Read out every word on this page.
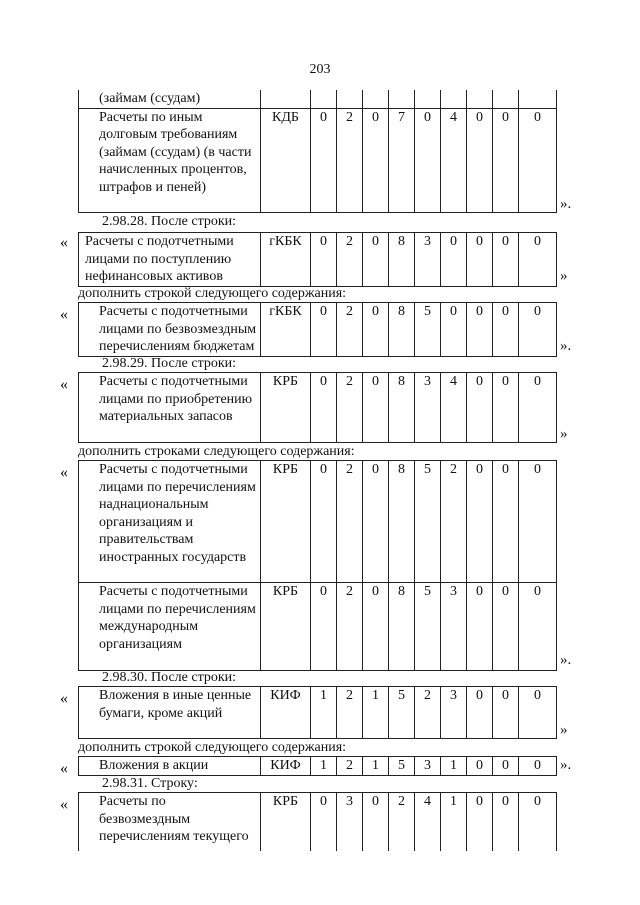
203
(займам (ссудам)										
Расчеты по иным долговым требованиям (займам (ссудам) (в части начисленных процентов, штрафов и пеней)	КДБ	0	2	0	7	0	4	0	0	0
».
2.98.28. После строки:
« Расчеты с подотчетными лицами по поступлению нефинансовых активов	гКБК	0	2	0	8	3	0	0	0	0
»
дополнить строкой следующего содержания:
« Расчеты с подотчетными лицами по безвозмездным перечислениям бюджетам	гКБК	0	2	0	8	5	0	0	0	0
».
2.98.29. После строки:
« Расчеты с подотчетными лицами по приобретению материальных запасов	КРБ	0	2	0	8	3	4	0	0	0
»
дополнить строками следующего содержания:
« Расчеты с подотчетными лицами по перечислениям наднациональным организациям и правительствам иностранных государств	КРБ	0	2	0	8	5	2	0	0	0
Расчеты с подотчетными лицами по перечислениям международным организациям	КРБ	0	2	0	8	5	3	0	0	0
».
2.98.30. После строки:
« Вложения в иные ценные бумаги, кроме акций	КИФ	1	2	1	5	2	3	0	0	0
»
дополнить строкой следующего содержания:
« Вложения в акции	КИФ	1	2	1	5	3	1	0	0	0 ».
2.98.31. Строку:
« Расчеты по безвозмездным перечислениям текущего	КРБ	0	3	0	2	4	1	0	0	0
